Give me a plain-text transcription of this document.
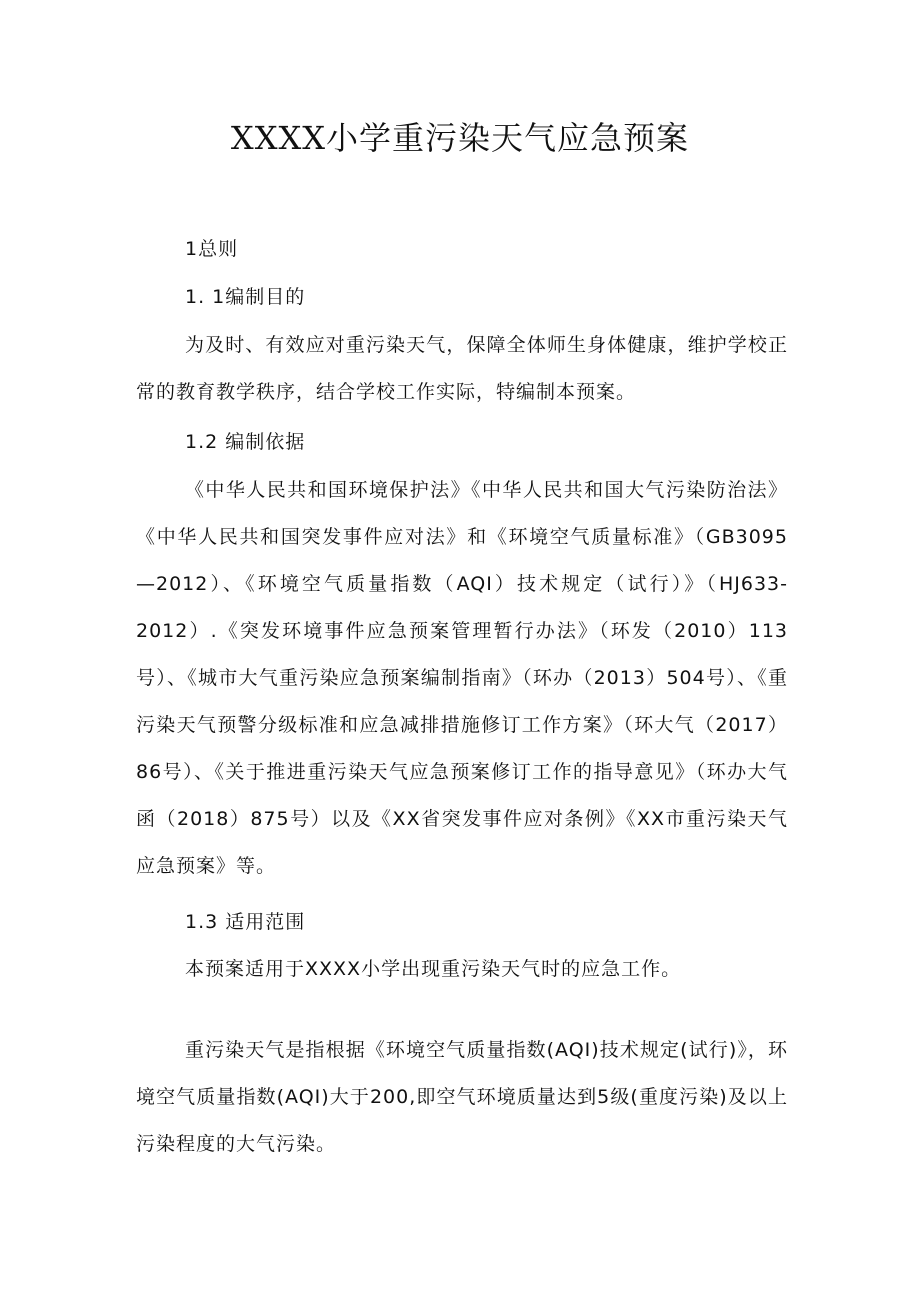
XXXX小学重污染天气应急预案

1总则

1. 1编制目的

为及时、有效应对重污染天气，保障全体师生身体健康，维护学校正常的教育教学秩序，结合学校工作实际，特编制本预案。

1.2 编制依据

《中华人民共和国环境保护法》《中华人民共和国大气污染防治法》《中华人民共和国突发事件应对法》和《环境空气质量标准》（GB3095—2012）、《环境空气质量指数（AQI）技术规定（试行）》（HJ633-2012）.《突发环境事件应急预案管理暂行办法》（环发（2010）113号）、《城市大气重污染应急预案编制指南》（环办（2013）504号）、《重污染天气预警分级标准和应急减排措施修订工作方案》（环大气（2017）86号）、《关于推进重污染天气应急预案修订工作的指导意见》（环办大气函（2018）875号）以及《XX省突发事件应对条例》《XX市重污染天气应急预案》等。

1.3 适用范围

本预案适用于XXXX小学出现重污染天气时的应急工作。

重污染天气是指根据《环境空气质量指数(AQI)技术规定(试行)》，环境空气质量指数(AQI)大于200,即空气环境质量达到5级(重度污染)及以上污染程度的大气污染。
